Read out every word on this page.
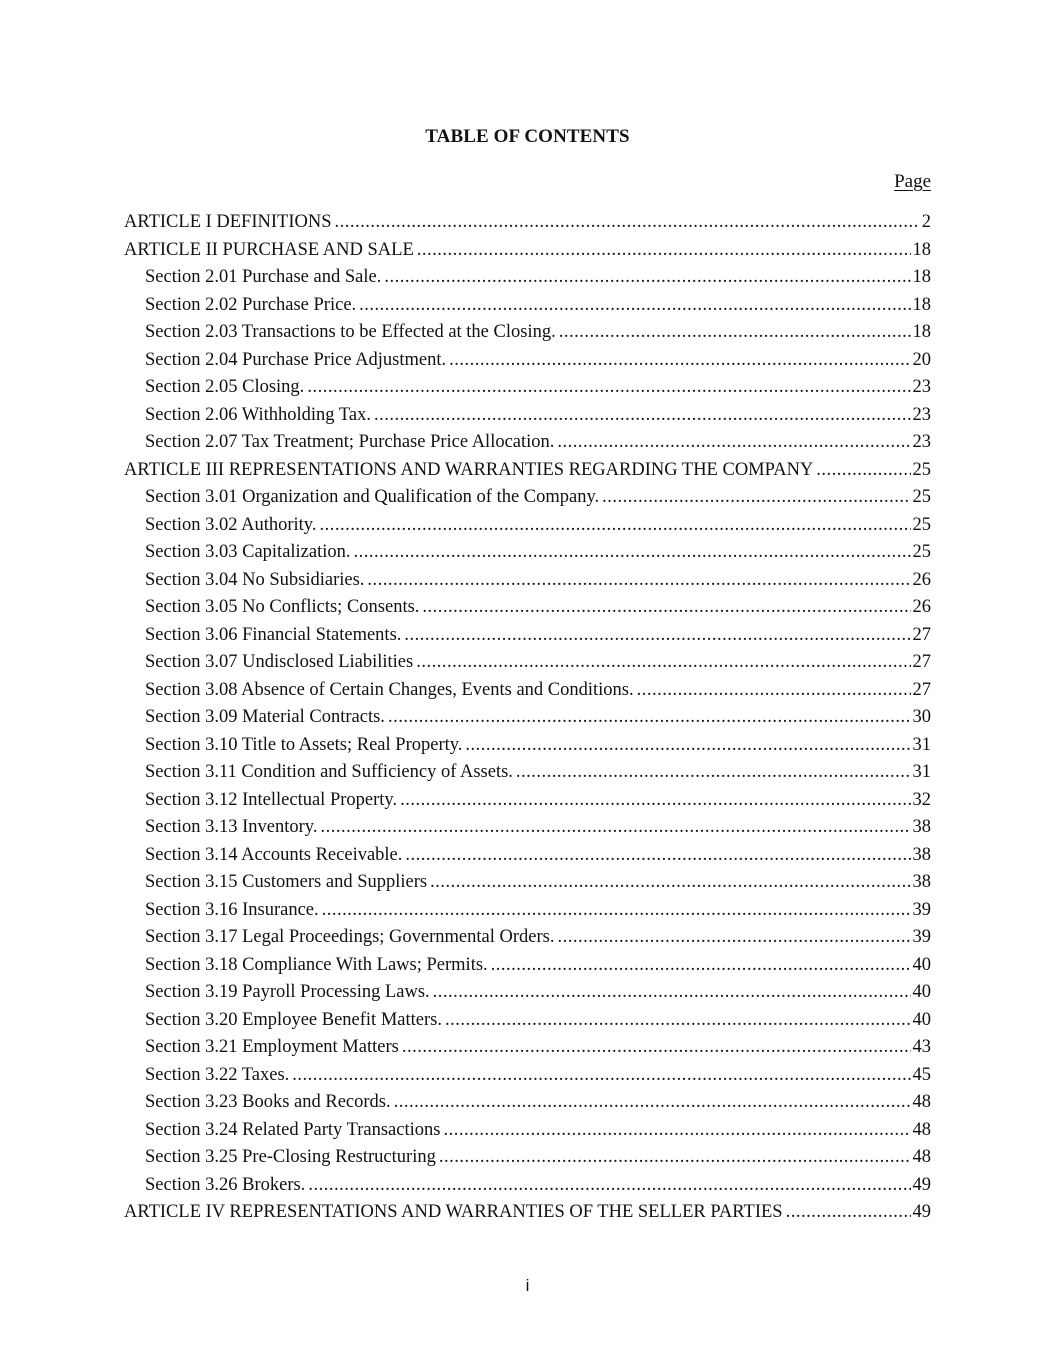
TABLE OF CONTENTS
Page
ARTICLE I DEFINITIONS .....	2
ARTICLE II PURCHASE AND SALE .....	18
Section 2.01 Purchase and Sale. .....	18
Section 2.02 Purchase Price. .....	18
Section 2.03 Transactions to be Effected at the Closing. .....	18
Section 2.04 Purchase Price Adjustment. .....	20
Section 2.05 Closing. .....	23
Section 2.06 Withholding Tax. .....	23
Section 2.07 Tax Treatment; Purchase Price Allocation. .....	23
ARTICLE III REPRESENTATIONS AND WARRANTIES REGARDING THE COMPANY .....	25
Section 3.01 Organization and Qualification of the Company. .....	25
Section 3.02 Authority. .....	25
Section 3.03 Capitalization. .....	25
Section 3.04 No Subsidiaries. .....	26
Section 3.05 No Conflicts; Consents. .....	26
Section 3.06 Financial Statements. .....	27
Section 3.07 Undisclosed Liabilities .....	27
Section 3.08 Absence of Certain Changes, Events and Conditions. .....	27
Section 3.09 Material Contracts. .....	30
Section 3.10 Title to Assets; Real Property. .....	31
Section 3.11 Condition and Sufficiency of Assets. .....	31
Section 3.12 Intellectual Property. .....	32
Section 3.13 Inventory. .....	38
Section 3.14 Accounts Receivable. .....	38
Section 3.15 Customers and Suppliers .....	38
Section 3.16 Insurance. .....	39
Section 3.17 Legal Proceedings; Governmental Orders. .....	39
Section 3.18 Compliance With Laws; Permits. .....	40
Section 3.19 Payroll Processing Laws. .....	40
Section 3.20 Employee Benefit Matters. .....	40
Section 3.21 Employment Matters .....	43
Section 3.22 Taxes. .....	45
Section 3.23 Books and Records. .....	48
Section 3.24 Related Party Transactions .....	48
Section 3.25 Pre-Closing Restructuring .....	48
Section 3.26 Brokers. .....	49
ARTICLE IV REPRESENTATIONS AND WARRANTIES OF THE SELLER PARTIES .....	49
i
